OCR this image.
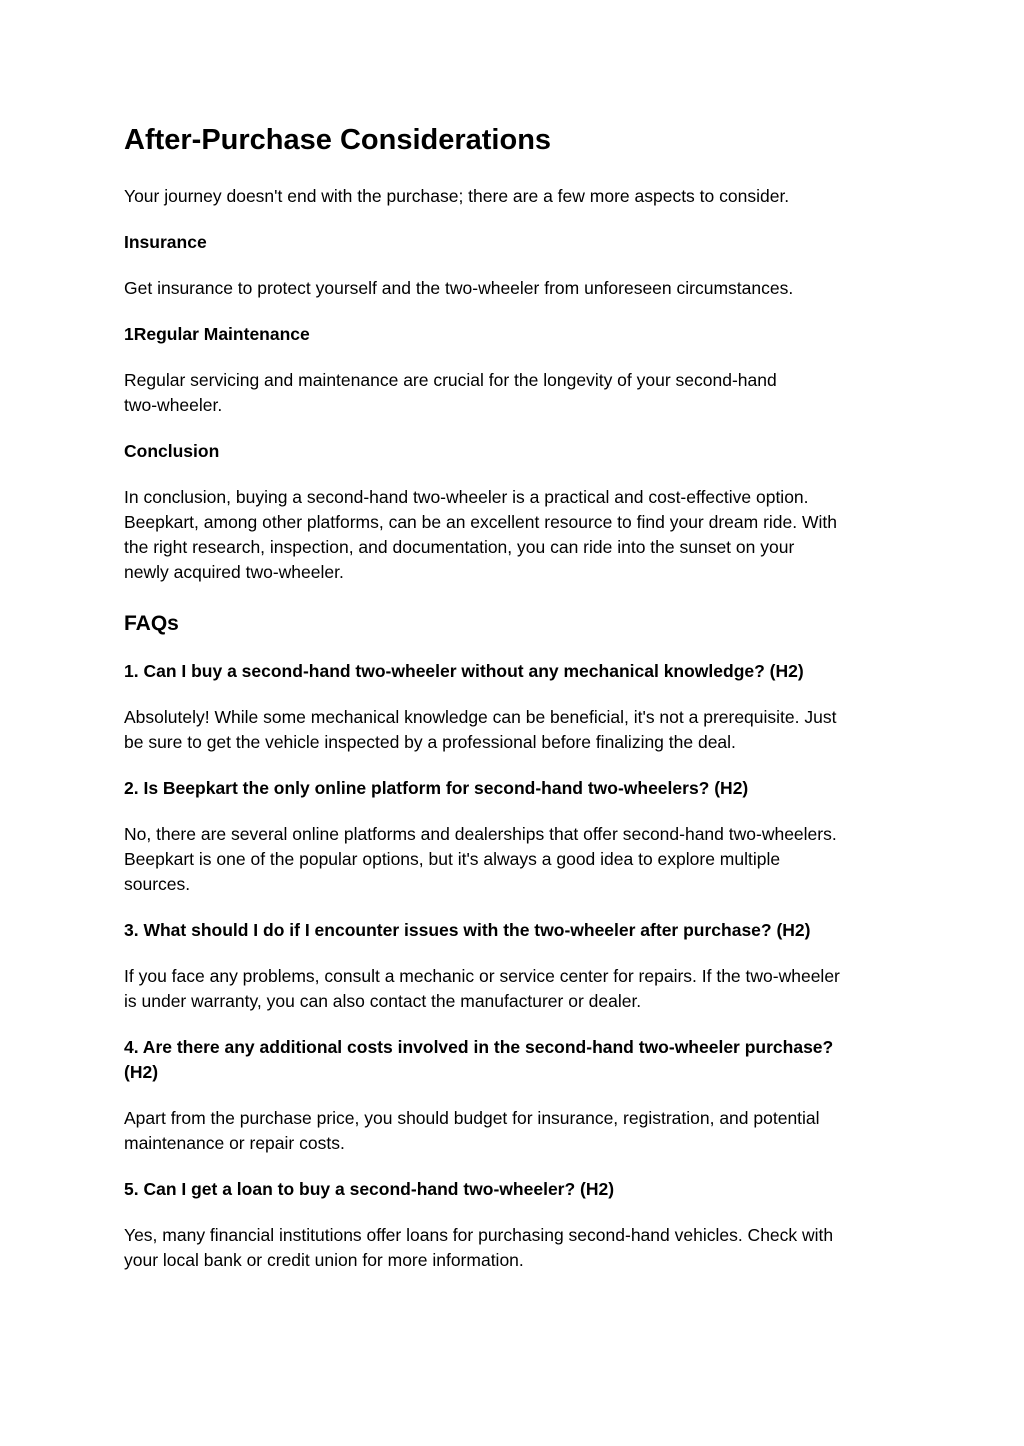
After-Purchase Considerations

Your journey doesn't end with the purchase; there are a few more aspects to consider.

Insurance

Get insurance to protect yourself and the two-wheeler from unforeseen circumstances.

1Regular Maintenance

Regular servicing and maintenance are crucial for the longevity of your second-hand

two-wheeler.

Conclusion

In conclusion, buying a second-hand two-wheeler is a practical and cost-effective option.

Beepkart, among other platforms, can be an excellent resource to find your dream ride. With

the right research, inspection, and documentation, you can ride into the sunset on your

newly acquired two-wheeler.

FAQs

1. Can I buy a second-hand two-wheeler without any mechanical knowledge? (H2)

Absolutely! While some mechanical knowledge can be beneficial, it's not a prerequisite. Just

be sure to get the vehicle inspected by a professional before finalizing the deal.

2. Is Beepkart the only online platform for second-hand two-wheelers? (H2)

No, there are several online platforms and dealerships that offer second-hand two-wheelers.

Beepkart is one of the popular options, but it's always a good idea to explore multiple

sources.

3. What should I do if I encounter issues with the two-wheeler after purchase? (H2)

If you face any problems, consult a mechanic or service center for repairs. If the two-wheeler

is under warranty, you can also contact the manufacturer or dealer.

4. Are there any additional costs involved in the second-hand two-wheeler purchase?

(H2)

Apart from the purchase price, you should budget for insurance, registration, and potential

maintenance or repair costs.

5. Can I get a loan to buy a second-hand two-wheeler? (H2)

Yes, many financial institutions offer loans for purchasing second-hand vehicles. Check with

your local bank or credit union for more information.
